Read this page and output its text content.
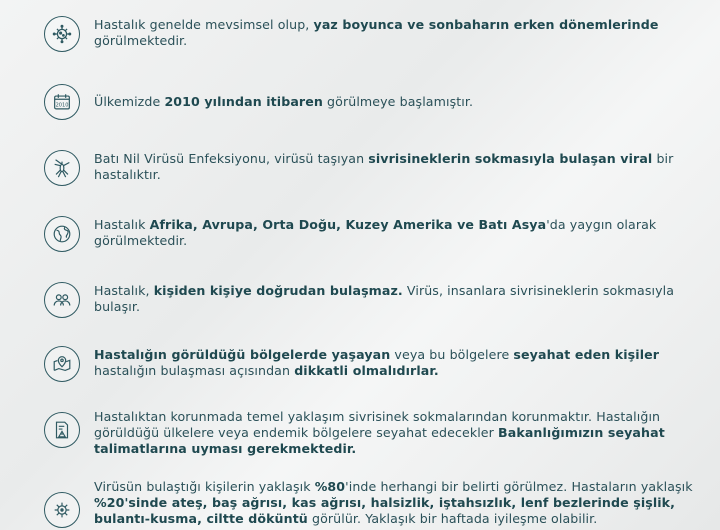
Hastalık genelde mevsimsel olup, yaz boyunca ve sonbaharın erken dönemlerinde görülmektedir.
2010 Ülkemizde 2010 yılından itibaren görülmeye başlamıştır.
Batı Nil Virüsü Enfeksiyonu, virüsü taşıyan sivrisineklerin sokmasıyla bulaşan viral bir hastalıktır.
Hastalık Afrika, Avrupa, Orta Doğu, Kuzey Amerika ve Batı Asya'da yaygın olarak görülmektedir.
Hastalık, kişiden kişiye doğrudan bulaşmaz. Virüs, insanlara sivrisineklerin sokmasıyla bulaşır.
Hastalığın görüldüğü bölgelerde yaşayan veya bu bölgelere seyahat eden kişiler hastalığın bulaşması açısından dikkatli olmalıdırlar.
Hastalıktan korunmada temel yaklaşım sivrisinek sokmalarından korunmaktır. Hastalığın görüldüğü ülkelere veya endemik bölgelere seyahat edecekler Bakanlığımızın seyahat talimatlarına uyması gerekmektedir.
Virüsün bulaştığı kişilerin yaklaşık %80'inde herhangi bir belirti görülmez. Hastaların yaklaşık %20'sinde ateş, baş ağrısı, kas ağrısı, halsizlik, iştahsızlık, lenf bezlerinde şişlik, bulantı-kusma, ciltte döküntü görülür. Yaklaşık bir haftada iyileşme olabilir.
